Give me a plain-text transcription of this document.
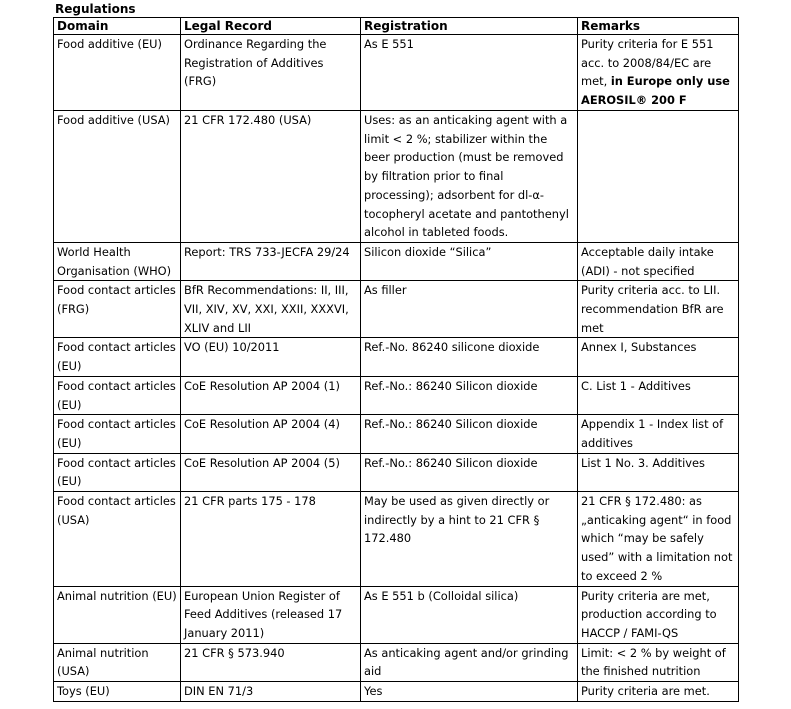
Regulations
Domain	Legal Record	Registration	Remarks
Food additive (EU)	Ordinance Regarding the Registration of Additives (FRG)	As E 551	Purity criteria for E 551 acc. to 2008/84/EC are met, in Europe only use AEROSIL® 200 F
Food additive (USA)	21 CFR 172.480 (USA)	Uses: as an anticaking agent with a limit < 2 %; stabilizer within the beer production (must be removed by filtration prior to final processing); adsorbent for dl-α-tocopheryl acetate and pantothenyl alcohol in tableted foods.	
World Health Organisation (WHO)	Report: TRS 733-JECFA 29/24	Silicon dioxide “Silica”	Acceptable daily intake (ADI) - not specified
Food contact articles (FRG)	BfR Recommendations: II, III, VII, XIV, XV, XXI, XXII, XXXVI, XLIV and LII	As filler	Purity criteria acc. to LII. recommendation BfR are met
Food contact articles (EU)	VO (EU) 10/2011	Ref.-No. 86240 silicone dioxide	Annex I, Substances
Food contact articles (EU)	CoE Resolution AP 2004 (1)	Ref.-No.: 86240 Silicon dioxide	C. List 1 - Additives
Food contact articles (EU)	CoE Resolution AP 2004 (4)	Ref.-No.: 86240 Silicon dioxide	Appendix 1 - Index list of additives
Food contact articles (EU)	CoE Resolution AP 2004 (5)	Ref.-No.: 86240 Silicon dioxide	List 1 No. 3. Additives
Food contact articles (USA)	21 CFR parts 175 - 178	May be used as given directly or indirectly by a hint to 21 CFR § 172.480	21 CFR § 172.480: as „anticaking agent“ in food which “may be safely used” with a limitation not to exceed 2 %
Animal nutrition (EU)	European Union Register of Feed Additives (released 17 January 2011)	As E 551 b (Colloidal silica)	Purity criteria are met, production according to HACCP / FAMI-QS
Animal nutrition (USA)	21 CFR § 573.940	As anticaking agent and/or grinding aid	Limit: < 2 % by weight of the finished nutrition
Toys (EU)	DIN EN 71/3	Yes	Purity criteria are met.
